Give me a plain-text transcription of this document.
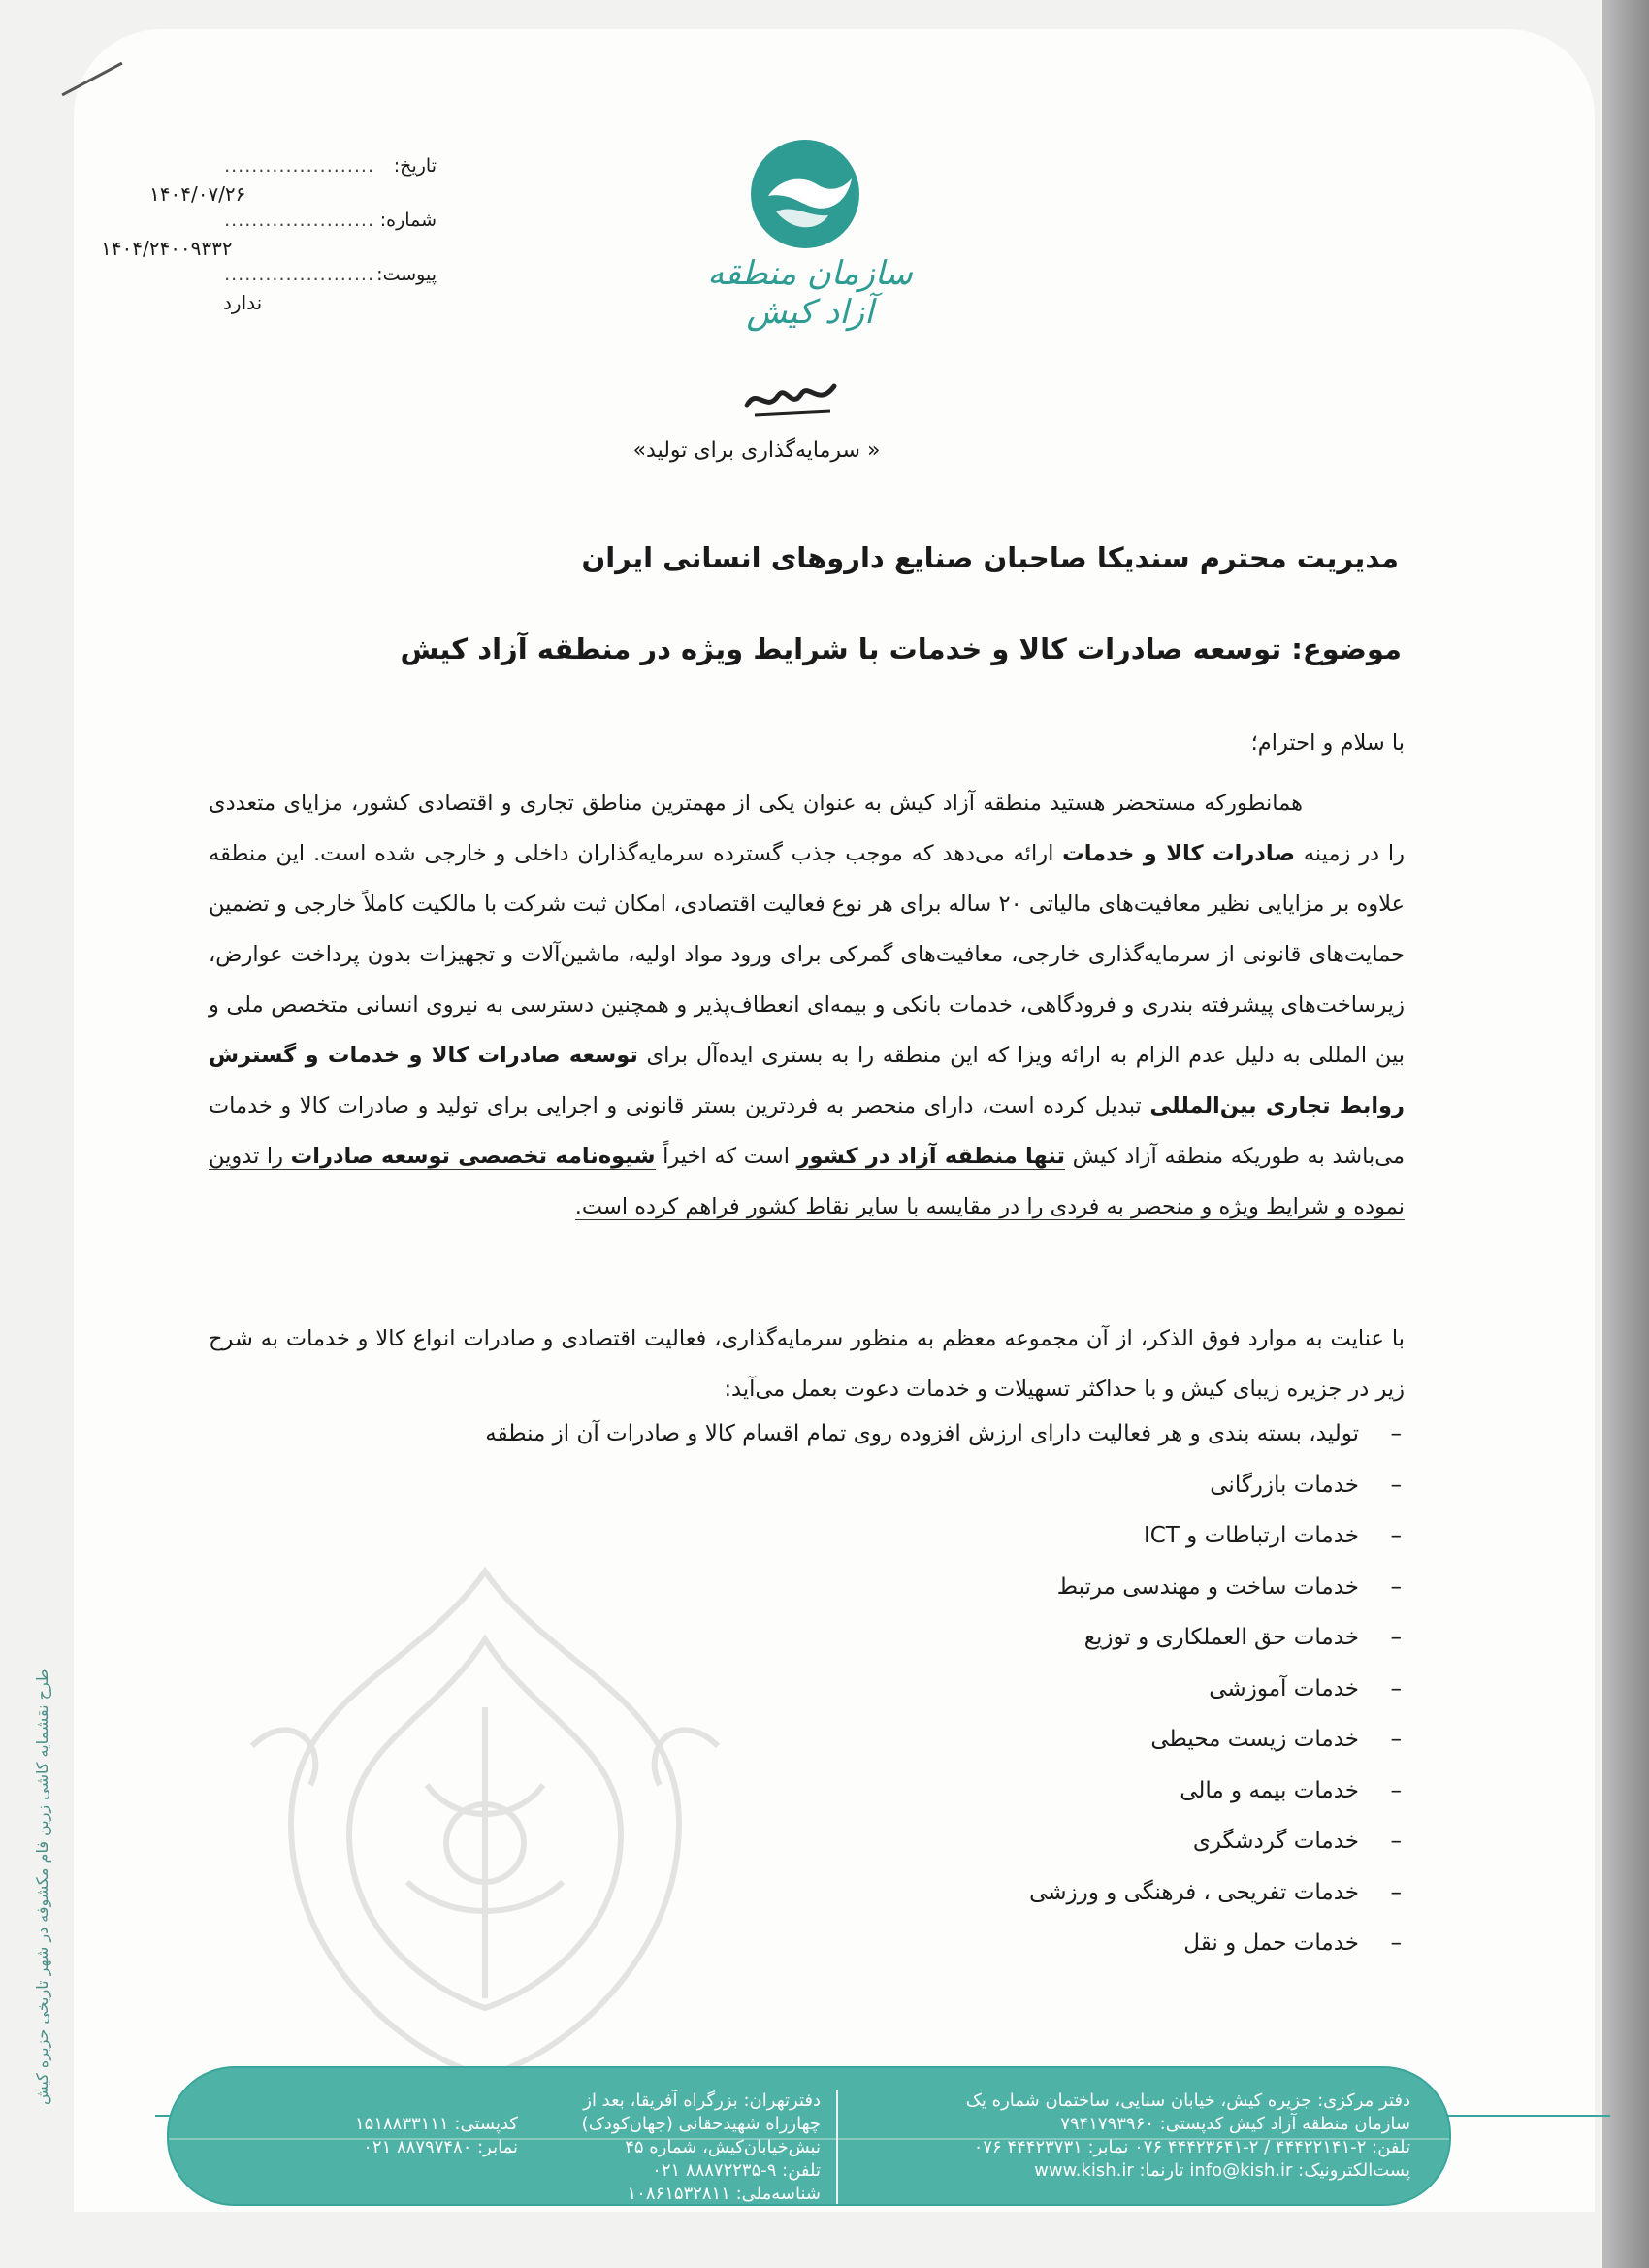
تاریخ:
......................
۱۴۰۴/۰۷/۲۶
شماره:
......................
۱۴۰۴/۲۴۰۰۹۳۳۲
پیوست:
......................
ندارد
سازمان منطقه آزاد کیش
« سرمایه‌گذاری برای تولید»
مدیریت محترم سندیکا صاحبان صنایع داروهای انسانی ایران
موضوع: توسعه صادرات کالا و خدمات با شرایط ویژه در منطقه آزاد کیش
با سلام و احترام؛
همانطورکه مستحضر هستید منطقه آزاد کیش به عنوان یکی از مهمترین مناطق تجاری و اقتصادی کشور، مزایای متعددی را در زمینه صادرات کالا و خدمات ارائه می‌دهد که موجب جذب گسترده سرمایه‌گذاران داخلی و خارجی شده است. این منطقه علاوه بر مزایایی نظیر معافیت‌های مالیاتی ۲۰ ساله برای هر نوع فعالیت اقتصادی، امکان ثبت شرکت با مالکیت کاملاً خارجی و تضمین حمایت‌های قانونی از سرمایه‌گذاری خارجی، معافیت‌های گمرکی برای ورود مواد اولیه، ماشین‌آلات و تجهیزات بدون پرداخت عوارض، زیرساخت‌های پیشرفته بندری و فرودگاهی، خدمات بانکی و بیمه‌ای انعطاف‌پذیر و همچنین دسترسی به نیروی انسانی متخصص ملی و بین المللی به دلیل عدم الزام به ارائه ویزا که این منطقه را به بستری ایده‌آل برای توسعه صادرات کالا و خدمات و گسترش روابط تجاری بین‌المللی تبدیل کرده است، دارای منحصر به فردترین بستر قانونی و اجرایی برای تولید و صادرات کالا و خدمات می‌باشد به طوریکه منطقه آزاد کیش تنها منطقه آزاد در کشور است که اخیراً شیوه‌نامه تخصصی توسعه صادرات را تدوین نموده و شرایط ویژه و منحصر به فردی را در مقایسه با سایر نقاط کشور فراهم کرده است.
با عنایت به موارد فوق الذکر، از آن مجموعه معظم به منظور سرمایه‌گذاری، فعالیت اقتصادی و صادرات انواع کالا و خدمات به شرح زیر در جزیره زیبای کیش و با حداکثر تسهیلات و خدمات دعوت بعمل می‌آید:
–تولید، بسته بندی و هر فعالیت دارای ارزش افزوده روی تمام اقسام کالا و صادرات آن از منطقه
–خدمات بازرگانی
–خدمات ارتباطات و ICT
–خدمات ساخت و مهندسی مرتبط
–خدمات حق العملکاری و توزیع
–خدمات آموزشی
–خدمات زیست محیطی
–خدمات بیمه و مالی
–خدمات گردشگری
–خدمات تفریحی ، فرهنگی و ورزشی
–خدمات حمل و نقل
طرح نقشمایه کاشی زرین فام مکشوفه در شهر تاریخی جزیره کیش	دفتر مرکزی: جزیره کیش، خیابان سنایی، ساختمان شماره یک
سازمان منطقه آزاد کیش کدپستی: ۷۹۴۱۷۹۳۹۶۰
تلفن: ۲-۴۴۴۲۲۱۴۱ / ۲-۴۴۴۲۳۶۴۱ ۰۷۶ نمابر: ۴۴۴۲۳۷۳۱ ۰۷۶
پست‌الکترونیک: info@kish.ir تارنما: www.kish.ir
دفترتهران: بزرگراه آفریقا، بعد از چهارراه شهیدحقانی (جهان‌کودک)
نبش‌خیابان‌کیش، شماره ۴۵
تلفن: ۹-۸۸۸۷۲۲۳۵ ۰۲۱
شناسه‌ملی: ۱۰۸۶۱۵۳۲۸۱۱
کدپستی: ۱۵۱۸۸۳۳۱۱۱
نمابر: ۸۸۷۹۷۴۸۰ ۰۲۱
